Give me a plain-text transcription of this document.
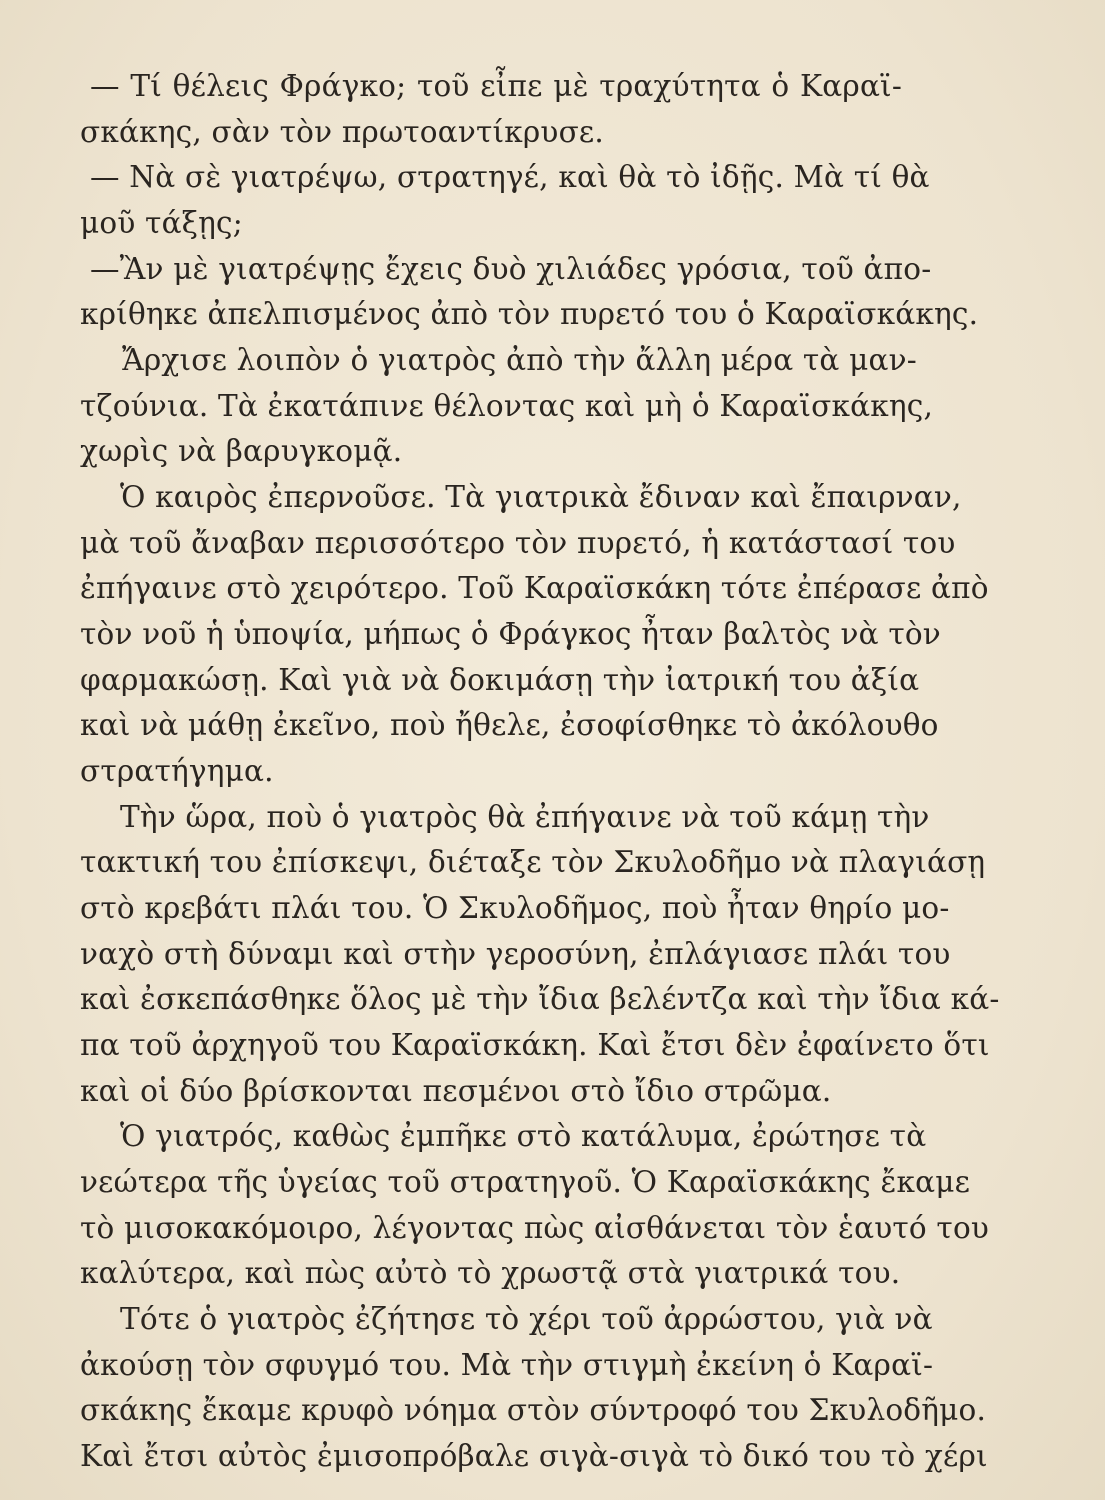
— Τί θέλεις Φράγκο; τοῦ εἶπε μὲ τραχύτητα ὁ Καραϊ-
σκάκης, σὰν τὸν πρωτοαντίκρυσε.
— Νὰ σὲ γιατρέψω, στρατηγέ, καὶ θὰ τὸ ἰδῇς. Μὰ τί θὰ
μοῦ τάξῃς;
—Ἂν μὲ γιατρέψῃς ἔχεις δυὸ χιλιάδες γρόσια, τοῦ ἀπο-
κρίθηκε ἀπελπισμένος ἀπὸ τὸν πυρετό του ὁ Καραϊσκάκης.
Ἄρχισε λοιπὸν ὁ γιατρὸς ἀπὸ τὴν ἄλλη μέρα τὰ μαν-
τζούνια. Τὰ ἐκατάπινε θέλοντας καὶ μὴ ὁ Καραϊσκάκης,
χωρὶς νὰ βαρυγκομᾷ.
Ὁ καιρὸς ἐπερνοῦσε. Τὰ γιατρικὰ ἔδιναν καὶ ἔπαιρναν,
μὰ τοῦ ἄναβαν περισσότερο τὸν πυρετό, ἡ κατάστασί του
ἐπήγαινε στὸ χειρότερο. Τοῦ Καραϊσκάκη τότε ἐπέρασε ἀπὸ
τὸν νοῦ ἡ ὑποψία, μήπως ὁ Φράγκος ἦταν βαλτὸς νὰ τὸν
φαρμακώσῃ. Καὶ γιὰ νὰ δοκιμάσῃ τὴν ἰατρική του ἀξία
καὶ νὰ μάθῃ ἐκεῖνο, ποὺ ἤθελε, ἐσοφίσθηκε τὸ ἀκόλουθο
στρατήγημα.
Τὴν ὥρα, ποὺ ὁ γιατρὸς θὰ ἐπήγαινε νὰ τοῦ κάμῃ τὴν
τακτική του ἐπίσκεψι, διέταξε τὸν Σκυλοδῆμο νὰ πλαγιάσῃ
στὸ κρεβάτι πλάι του. Ὁ Σκυλοδῆμος, ποὺ ἦταν θηρίο μο-
ναχὸ στὴ δύναμι καὶ στὴν γεροσύνη, ἐπλάγιασε πλάι του
καὶ ἐσκεπάσθηκε ὅλος μὲ τὴν ἴδια βελέντζα καὶ τὴν ἴδια κά-
πα τοῦ ἀρχηγοῦ του Καραϊσκάκη. Καὶ ἔτσι δὲν ἐφαίνετο ὅτι
καὶ οἱ δύο βρίσκονται πεσμένοι στὸ ἴδιο στρῶμα.
Ὁ γιατρός, καθὼς ἐμπῆκε στὸ κατάλυμα, ἐρώτησε τὰ
νεώτερα τῆς ὑγείας τοῦ στρατηγοῦ. Ὁ Καραϊσκάκης ἔκαμε
τὸ μισοκακόμοιρο, λέγοντας πὼς αἰσθάνεται τὸν ἑαυτό του
καλύτερα, καὶ πὼς αὐτὸ τὸ χρωστᾷ στὰ γιατρικά του.
Τότε ὁ γιατρὸς ἐζήτησε τὸ χέρι τοῦ ἀρρώστου, γιὰ νὰ
ἀκούσῃ τὸν σφυγμό του. Μὰ τὴν στιγμὴ ἐκείνη ὁ Καραϊ-
σκάκης ἔκαμε κρυφὸ νόημα στὸν σύντροφό του Σκυλοδῆμο.
Καὶ ἔτσι αὐτὸς ἐμισοπρόβαλε σιγὰ-σιγὰ τὸ δικό του τὸ χέρι
